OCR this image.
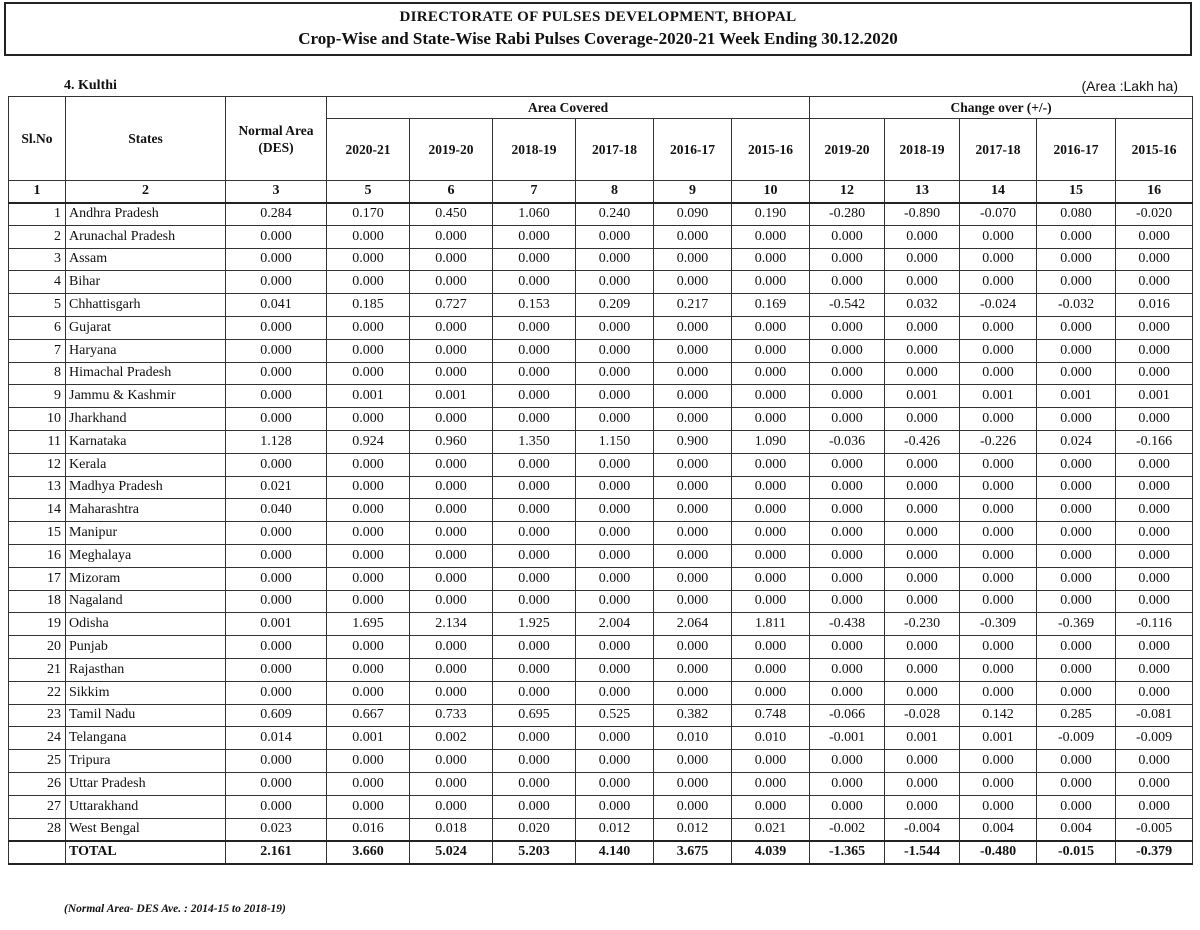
DIRECTORATE OF PULSES DEVELOPMENT, BHOPAL
Crop-Wise and State-Wise Rabi Pulses Coverage-2020-21 Week Ending 30.12.2020
4. Kulthi	(Area :Lakh ha)
Sl.No	States	Normal Area (DES)	Area Covered						Change over (+/-)				
			2020-21	2019-20	2018-19	2017-18	2016-17	2015-16	2019-20	2018-19	2017-18	2016-17	2015-16
1	2	3	5	6	7	8	9	10	12	13	14	15	16
1	Andhra Pradesh	0.284	0.170	0.450	1.060	0.240	0.090	0.190	-0.280	-0.890	-0.070	0.080	-0.020
2	Arunachal Pradesh	0.000	0.000	0.000	0.000	0.000	0.000	0.000	0.000	0.000	0.000	0.000	0.000
3	Assam	0.000	0.000	0.000	0.000	0.000	0.000	0.000	0.000	0.000	0.000	0.000	0.000
4	Bihar	0.000	0.000	0.000	0.000	0.000	0.000	0.000	0.000	0.000	0.000	0.000	0.000
5	Chhattisgarh	0.041	0.185	0.727	0.153	0.209	0.217	0.169	-0.542	0.032	-0.024	-0.032	0.016
6	Gujarat	0.000	0.000	0.000	0.000	0.000	0.000	0.000	0.000	0.000	0.000	0.000	0.000
7	Haryana	0.000	0.000	0.000	0.000	0.000	0.000	0.000	0.000	0.000	0.000	0.000	0.000
8	Himachal Pradesh	0.000	0.000	0.000	0.000	0.000	0.000	0.000	0.000	0.000	0.000	0.000	0.000
9	Jammu & Kashmir	0.000	0.001	0.001	0.000	0.000	0.000	0.000	0.000	0.001	0.001	0.001	0.001
10	Jharkhand	0.000	0.000	0.000	0.000	0.000	0.000	0.000	0.000	0.000	0.000	0.000	0.000
11	Karnataka	1.128	0.924	0.960	1.350	1.150	0.900	1.090	-0.036	-0.426	-0.226	0.024	-0.166
12	Kerala	0.000	0.000	0.000	0.000	0.000	0.000	0.000	0.000	0.000	0.000	0.000	0.000
13	Madhya Pradesh	0.021	0.000	0.000	0.000	0.000	0.000	0.000	0.000	0.000	0.000	0.000	0.000
14	Maharashtra	0.040	0.000	0.000	0.000	0.000	0.000	0.000	0.000	0.000	0.000	0.000	0.000
15	Manipur	0.000	0.000	0.000	0.000	0.000	0.000	0.000	0.000	0.000	0.000	0.000	0.000
16	Meghalaya	0.000	0.000	0.000	0.000	0.000	0.000	0.000	0.000	0.000	0.000	0.000	0.000
17	Mizoram	0.000	0.000	0.000	0.000	0.000	0.000	0.000	0.000	0.000	0.000	0.000	0.000
18	Nagaland	0.000	0.000	0.000	0.000	0.000	0.000	0.000	0.000	0.000	0.000	0.000	0.000
19	Odisha	0.001	1.695	2.134	1.925	2.004	2.064	1.811	-0.438	-0.230	-0.309	-0.369	-0.116
20	Punjab	0.000	0.000	0.000	0.000	0.000	0.000	0.000	0.000	0.000	0.000	0.000	0.000
21	Rajasthan	0.000	0.000	0.000	0.000	0.000	0.000	0.000	0.000	0.000	0.000	0.000	0.000
22	Sikkim	0.000	0.000	0.000	0.000	0.000	0.000	0.000	0.000	0.000	0.000	0.000	0.000
23	Tamil Nadu	0.609	0.667	0.733	0.695	0.525	0.382	0.748	-0.066	-0.028	0.142	0.285	-0.081
24	Telangana	0.014	0.001	0.002	0.000	0.000	0.010	0.010	-0.001	0.001	0.001	-0.009	-0.009
25	Tripura	0.000	0.000	0.000	0.000	0.000	0.000	0.000	0.000	0.000	0.000	0.000	0.000
26	Uttar Pradesh	0.000	0.000	0.000	0.000	0.000	0.000	0.000	0.000	0.000	0.000	0.000	0.000
27	Uttarakhand	0.000	0.000	0.000	0.000	0.000	0.000	0.000	0.000	0.000	0.000	0.000	0.000
28	West Bengal	0.023	0.016	0.018	0.020	0.012	0.012	0.021	-0.002	-0.004	0.004	0.004	-0.005
	TOTAL	2.161	3.660	5.024	5.203	4.140	3.675	4.039	-1.365	-1.544	-0.480	-0.015	-0.379
(Normal Area- DES Ave. : 2014-15 to 2018-19)
